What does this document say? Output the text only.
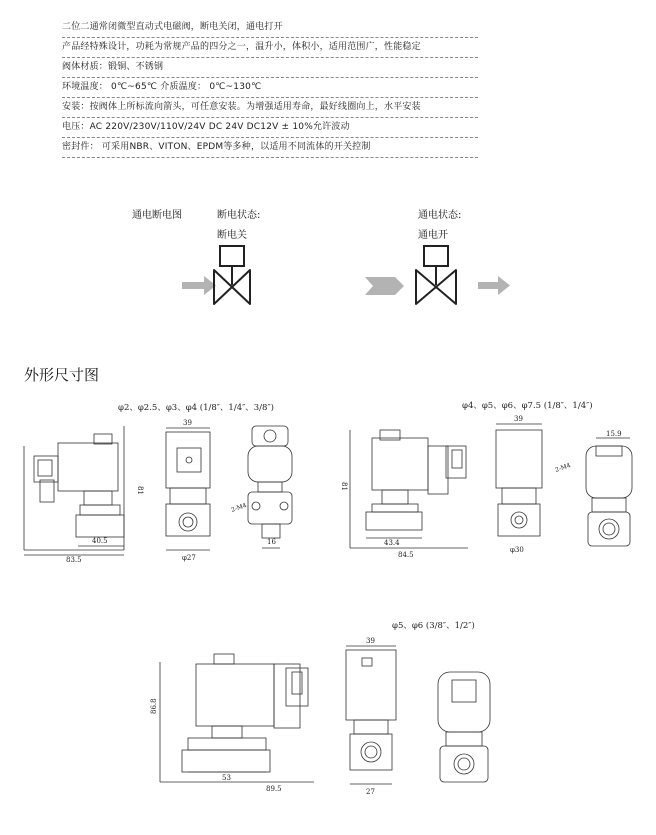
二位二通常闭微型直动式电磁阀，断电关闭，通电打开
产品经特殊设计，功耗为常规产品的四分之一，温升小，体积小，适用范围广，性能稳定
阀体材质：锻铜、不锈钢
环境温度： 0℃~65℃ 介质温度： 0℃~130℃
安装：按阀体上所标流向箭头，可任意安装。为增强适用寿命，最好线圈向上，水平安装
电压：AC 220V/230V/110V/24V DC 24V DC12V ± 10%允许波动
密封件： 可采用NBR、VITON、EPDM等多种，以适用不同流体的开关控制
通电断电图	断电状态:
断电关
通电状态:
通电开
外形尺寸图
φ2、φ2.5、φ3、φ4 (1/8″、1/4″、3/8″)	φ4、φ5、φ6、φ7.5 (1/8″、1/4″)
φ5、φ6 (3/8″、1/2″)
81
40.5
83.5
39
φ27
2-M4
16
81
43.4
84.5
39
φ30
15.9
2-M4
86.8
53
89.5
39
27
